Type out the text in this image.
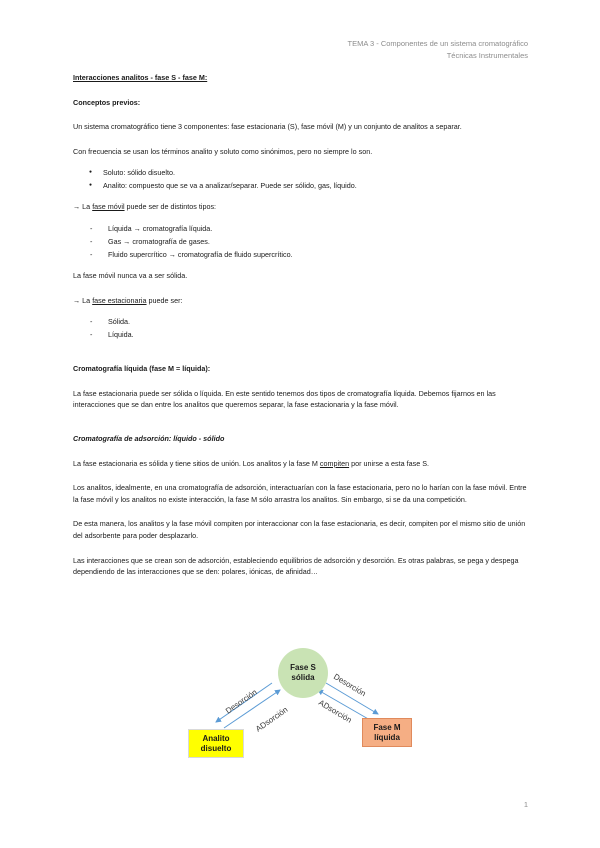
TEMA 3 - Componentes de un sistema cromatográfico
Técnicas Instrumentales

Interacciones analitos - fase S - fase M:

Conceptos previos:

Un sistema cromatográfico tiene 3 componentes: fase estacionaria (S), fase móvil (M) y un conjunto de analitos a separar.

Con frecuencia se usan los términos analito y soluto como sinónimos, pero no siempre lo son.

● Soluto: sólido disuelto.
● Analito: compuesto que se va a analizar/separar. Puede ser sólido, gas, líquido.

→ La fase móvil puede ser de distintos tipos:

- Líquida → cromatografía líquida.
- Gas → cromatografía de gases.
- Fluido supercrítico → cromatografía de fluido supercrítico.

La fase móvil nunca va a ser sólida.

→ La fase estacionaria puede ser:

- Sólida.
- Líquida.

Cromatografía líquida (fase M = líquida):

La fase estacionaria puede ser sólida o líquida. En este sentido tenemos dos tipos de cromatografía líquida. Debemos fijarnos en las interacciones que se dan entre los analitos que queremos separar, la fase estacionaria y la fase móvil.

Cromatografía de adsorción: líquido - sólido

La fase estacionaria es sólida y tiene sitios de unión. Los analitos y la fase M compiten por unirse a esta fase S.

Los analitos, idealmente, en una cromatografía de adsorción, interactuarían con la fase estacionaria, pero no lo harían con la fase móvil. Entre la fase móvil y los analitos no existe interacción, la fase M sólo arrastra los analitos. Sin embargo, si se da una competición.

De esta manera, los analitos y la fase móvil compiten por interaccionar con la fase estacionaria, es decir, compiten por el mismo sitio de unión del adsorbente para poder desplazarlo.

Las interacciones que se crean son de adsorción, estableciendo equilibrios de adsorción y desorción. Es otras palabras, se pega y despega dependiendo de las interacciones que se den: polares, iónicas, de afinidad…

Desorción
ADsorción
Desorción
ADsorción
Fase S
sólida
Analito
disuelto
Fase M
líquida
1
